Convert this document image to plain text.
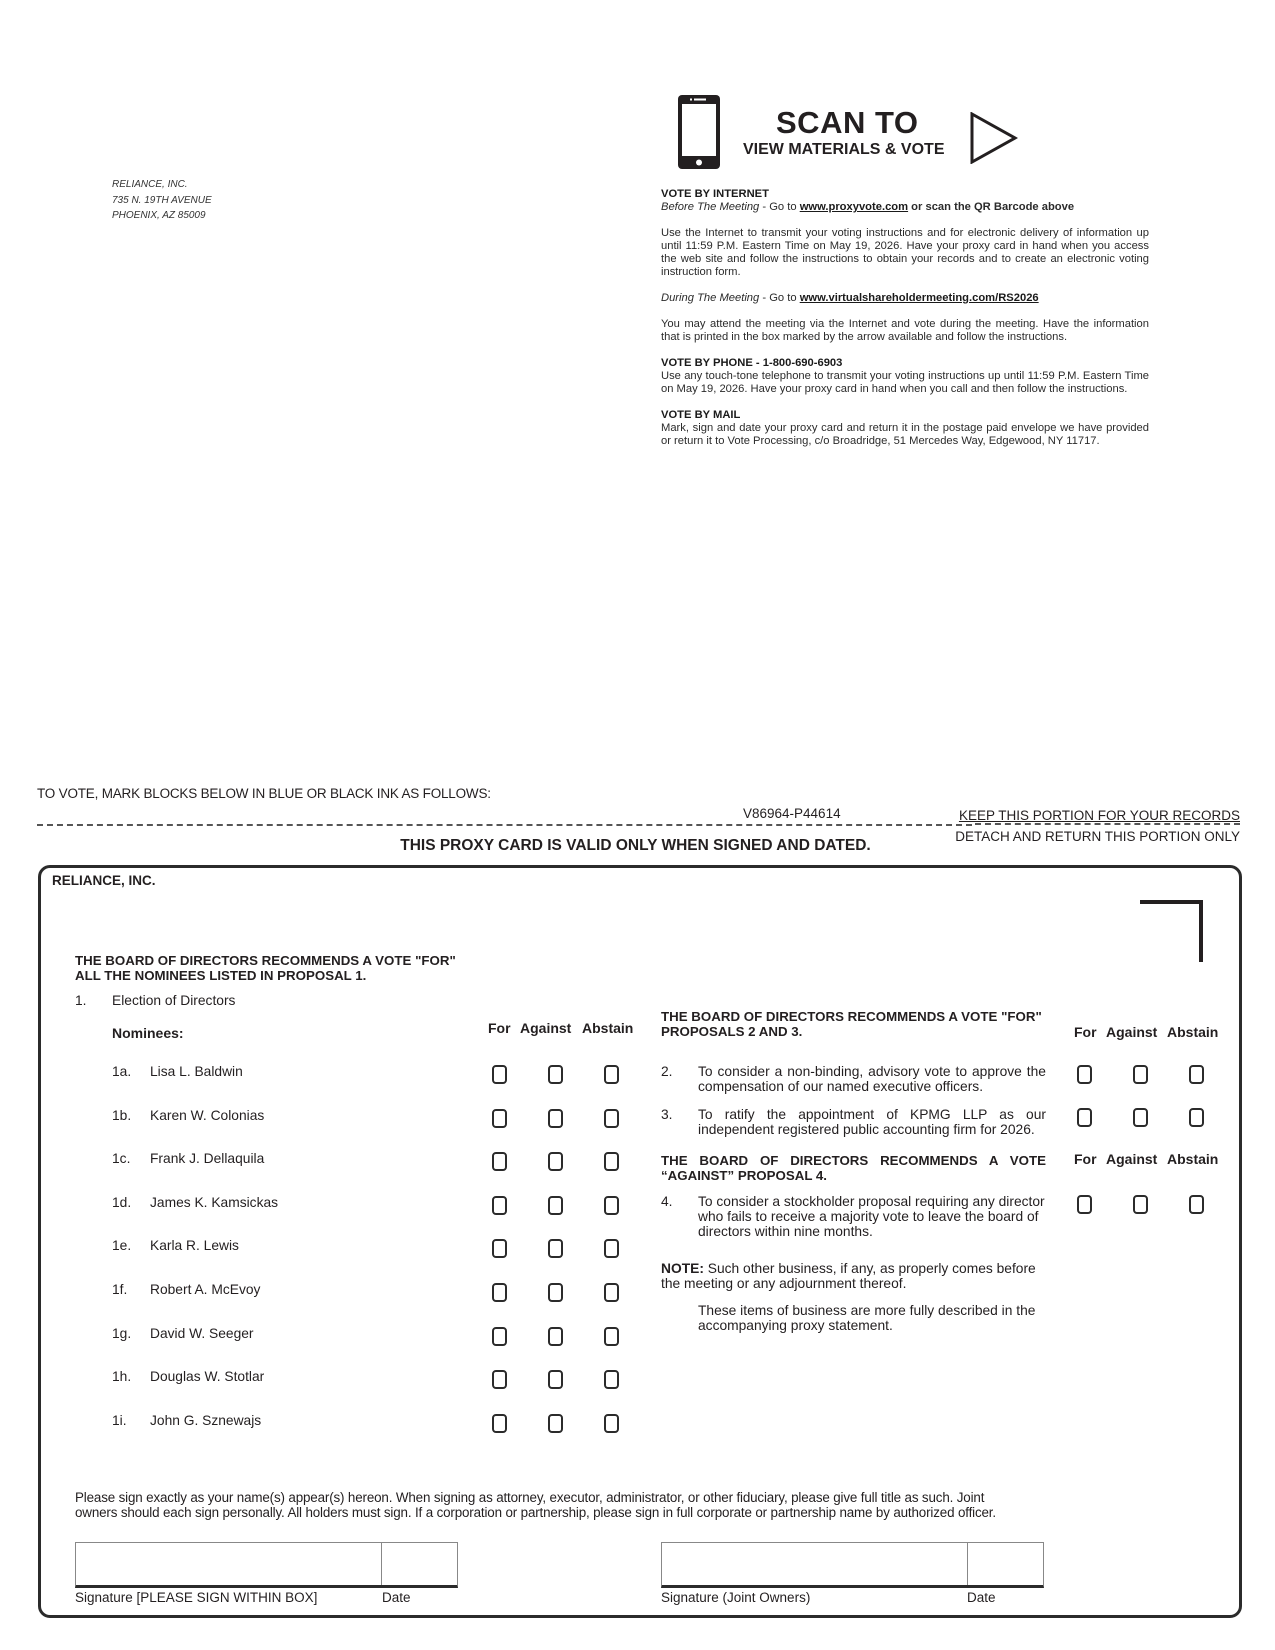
RELIANCE, INC.
735 N. 19TH AVENUE
PHOENIX, AZ 85009
SCAN TO
VIEW MATERIALS & VOTE
VOTE BY INTERNET

Before The Meeting - Go to www.proxyvote.com or scan the QR Barcode above

Use the Internet to transmit your voting instructions and for electronic delivery of information up until 11:59 P.M. Eastern Time on May 19, 2026. Have your proxy card in hand when you access the web site and follow the instructions to obtain your records and to create an electronic voting instruction form.

During The Meeting - Go to www.virtualshareholdermeeting.com/RS2026

You may attend the meeting via the Internet and vote during the meeting. Have the information that is printed in the box marked by the arrow available and follow the instructions.

VOTE BY PHONE - 1-800-690-6903

Use any touch-tone telephone to transmit your voting instructions up until 11:59 P.M. Eastern Time on May 19, 2026. Have your proxy card in hand when you call and then follow the instructions.

VOTE BY MAIL

Mark, sign and date your proxy card and return it in the postage paid envelope we have provided or return it to Vote Processing, c/o Broadridge, 51 Mercedes Way, Edgewood, NY 11717.

TO VOTE, MARK BLOCKS BELOW IN BLUE OR BLACK INK AS FOLLOWS:
V86964-P44614	KEEP THIS PORTION FOR YOUR RECORDS
DETACH AND RETURN THIS PORTION ONLY
THIS PROXY CARD IS VALID ONLY WHEN SIGNED AND DATED.
RELIANCE, INC.
THE BOARD OF DIRECTORS RECOMMENDS A VOTE "FOR"
ALL THE NOMINEES LISTED IN PROPOSAL 1.
1. Election of Directors
Nominees:	For Against Abstain
1a. Lisa L. Baldwin
1b. Karen W. Colonias
1c. Frank J. Dellaquila
1d. James K. Kamsickas
1e. Karla R. Lewis
1f. Robert A. McEvoy
1g. David W. Seeger
1h. Douglas W. Stotlar
1i. John G. Sznewajs
THE BOARD OF DIRECTORS RECOMMENDS A VOTE "FOR"
PROPOSALS 2 AND 3.	For Against Abstain
2. To consider a non-binding, advisory vote to approve the
compensation of our named executive officers.
3. To ratify the appointment of KPMG LLP as our
independent registered public accounting firm for 2026.
THE BOARD OF DIRECTORS RECOMMENDS A VOTE
“AGAINST” PROPOSAL 4.
For Against Abstain
4. To consider a stockholder proposal requiring any director
who fails to receive a majority vote to leave the board of
directors within nine months.
NOTE: Such other business, if any, as properly comes before
the meeting or any adjournment thereof.
These items of business are more fully described in the
accompanying proxy statement.
Please sign exactly as your name(s) appear(s) hereon. When signing as attorney, executor, administrator, or other fiduciary, please give full title as such. Joint
owners should each sign personally. All holders must sign. If a corporation or partnership, please sign in full corporate or partnership name by authorized officer.
Signature [PLEASE SIGN WITHIN BOX]	Date	Signature (Joint Owners)	Date
